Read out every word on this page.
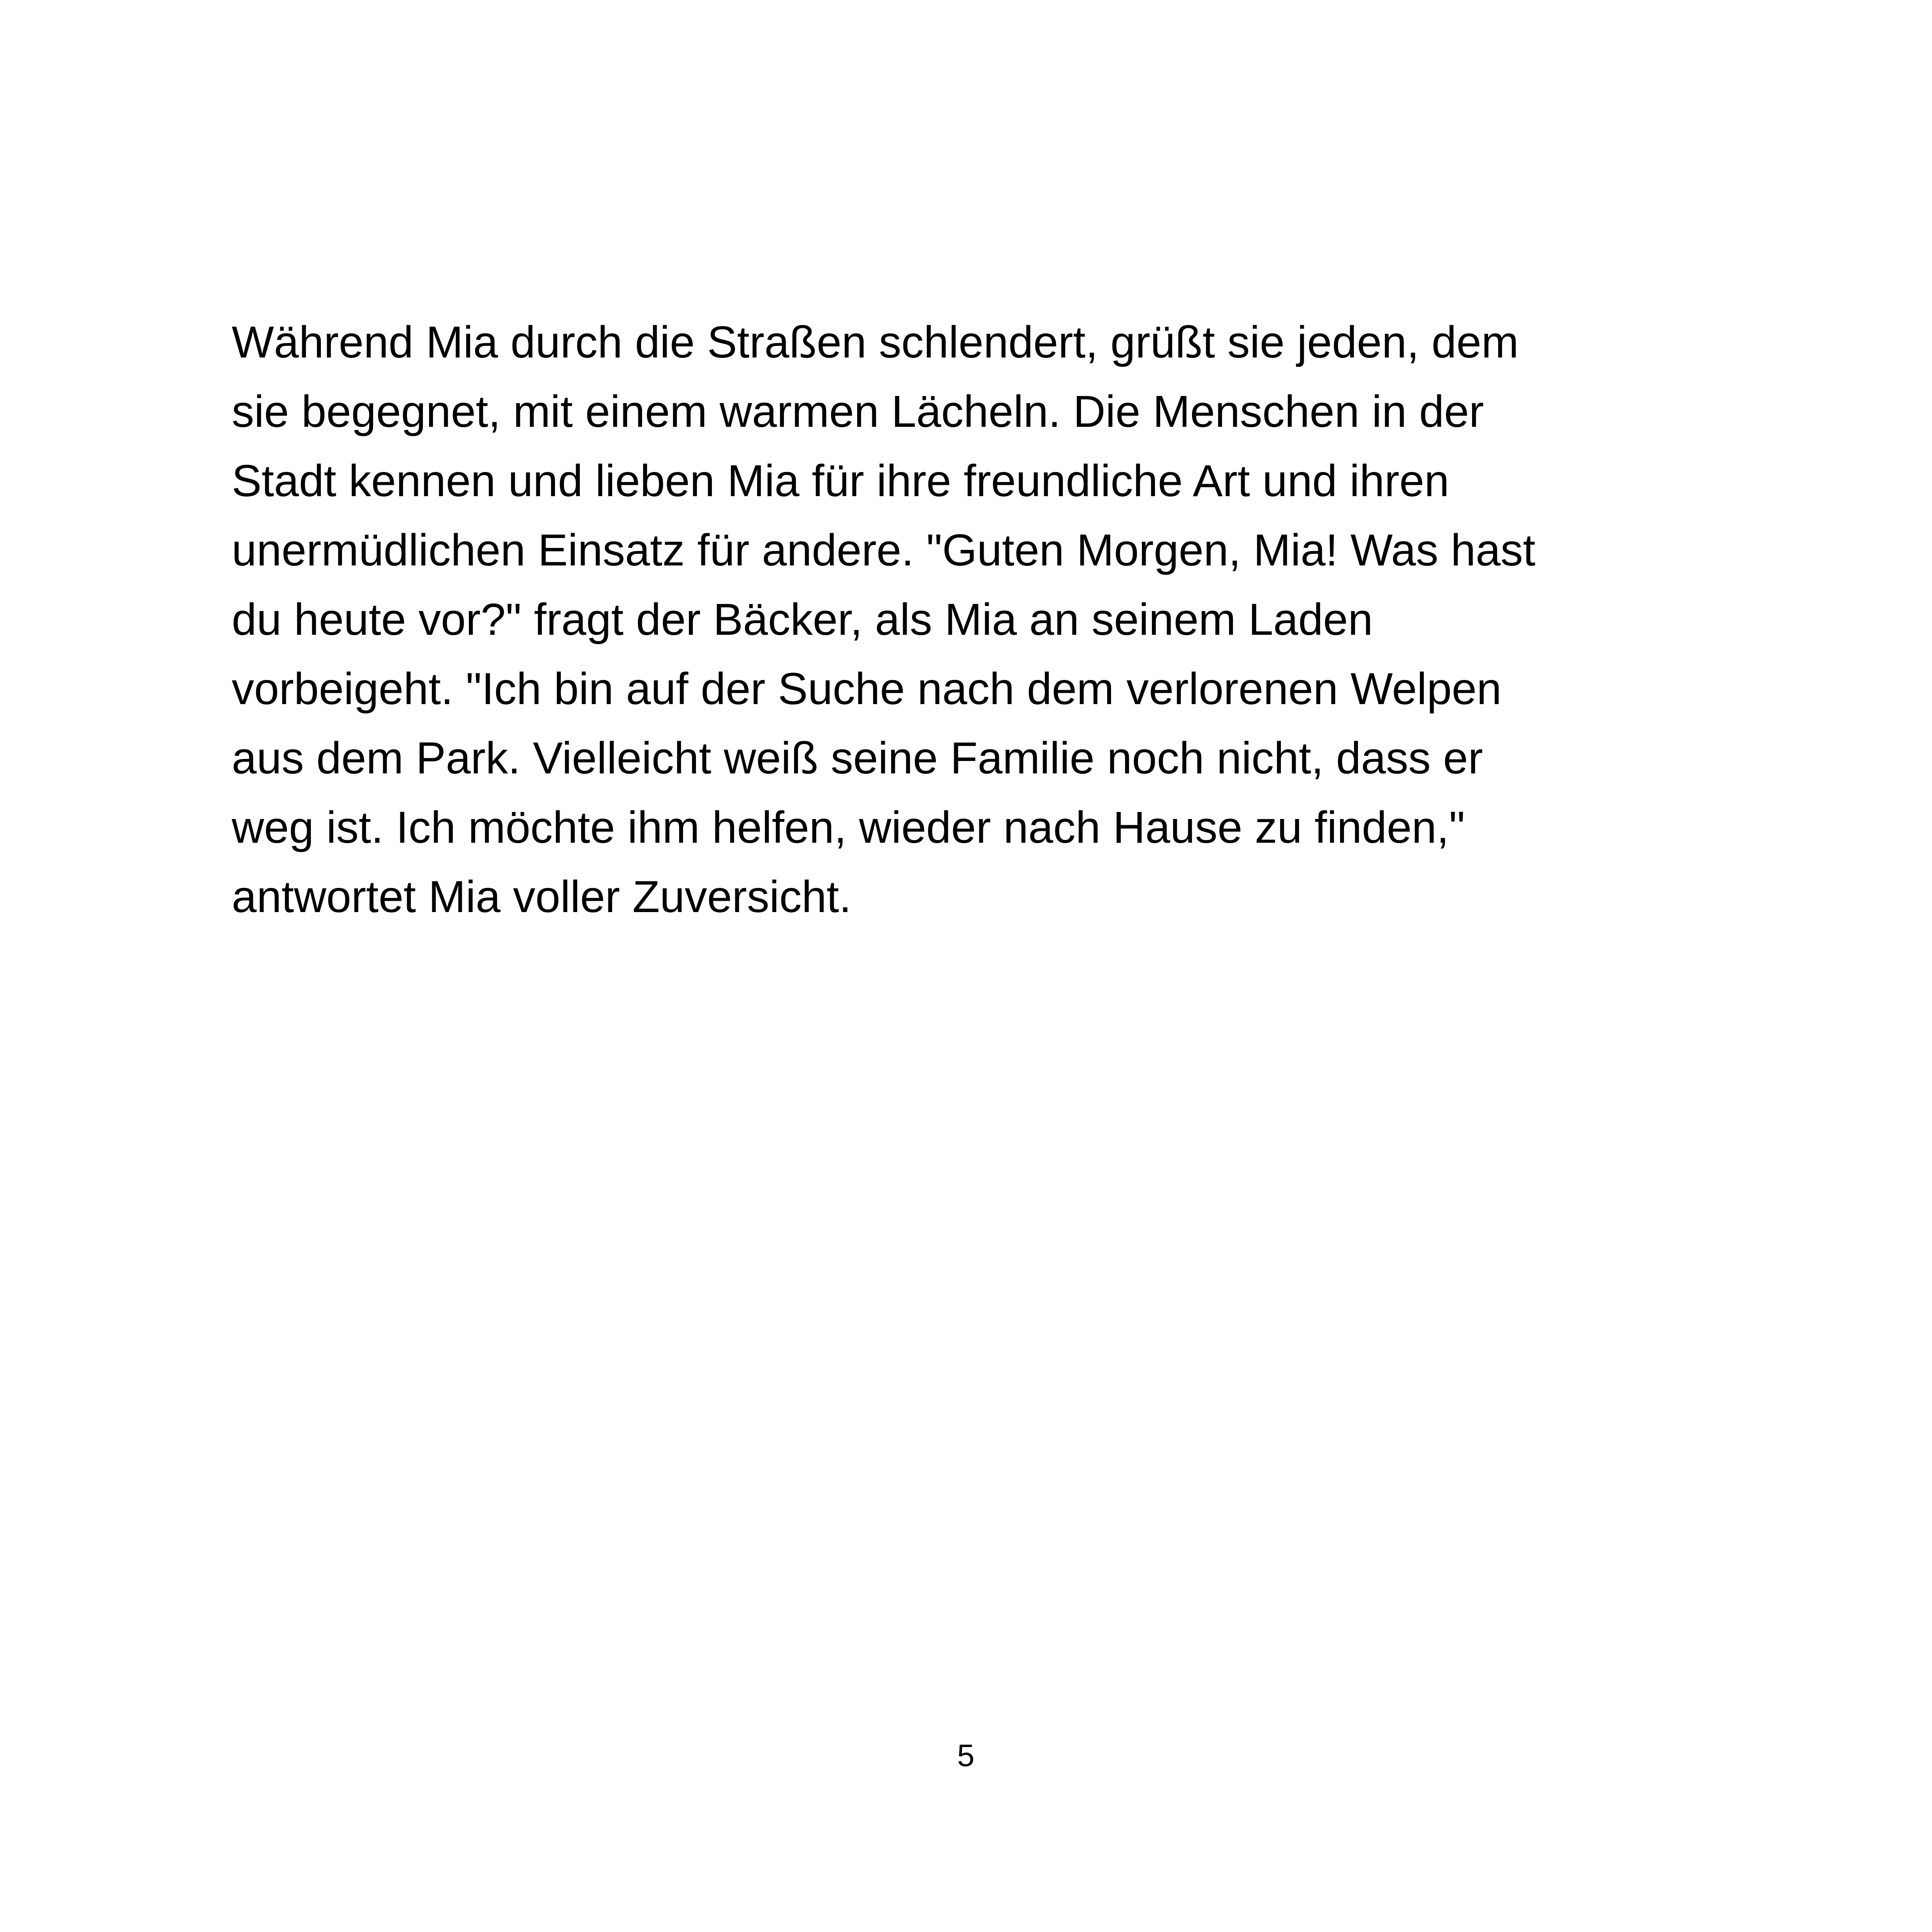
Während Mia durch die Straßen schlendert, grüßt sie jeden, dem
sie begegnet, mit einem warmen Lächeln. Die Menschen in der
Stadt kennen und lieben Mia für ihre freundliche Art und ihren
unermüdlichen Einsatz für andere. "Guten Morgen, Mia! Was hast
du heute vor?" fragt der Bäcker, als Mia an seinem Laden
vorbeigeht. "Ich bin auf der Suche nach dem verlorenen Welpen
aus dem Park. Vielleicht weiß seine Familie noch nicht, dass er
weg ist. Ich möchte ihm helfen, wieder nach Hause zu finden,"
antwortet Mia voller Zuversicht.
5
